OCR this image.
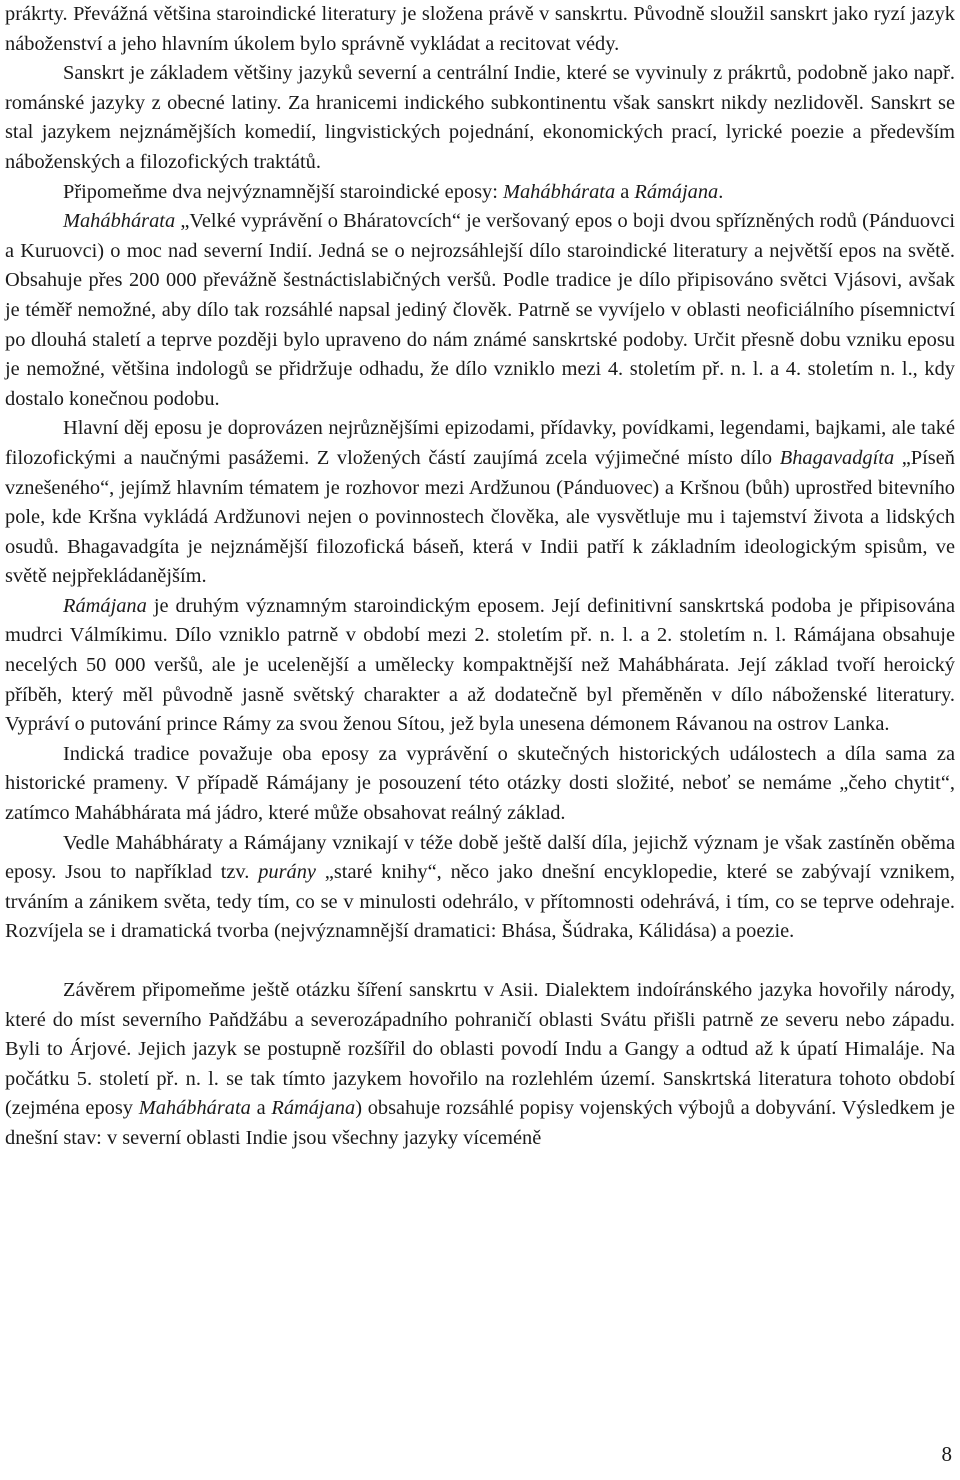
prákrty. Převážná většina staroindické literatury je složena právě v sanskrtu. Původně sloužil sanskrt jako ryzí jazyk náboženství a jeho hlavním úkolem bylo správně vykládat a recitovat védy.

Sanskrt je základem většiny jazyků severní a centrální Indie, které se vyvinuly z prákrtů, podobně jako např. románské jazyky z obecné latiny. Za hranicemi indického subkontinentu však sanskrt nikdy nezlidověl. Sanskrt se stal jazykem nejznámějších komedií, lingvistických pojednání, ekonomických prací, lyrické poezie a především náboženských a filozofických traktátů.

Připomeňme dva nejvýznamnější staroindické eposy: Mahábhárata a Rámájana.

Mahábhárata „Velké vyprávění o Bháratovcích“ je veršovaný epos o boji dvou spřízněných rodů (Pánduovci a Kuruovci) o moc nad severní Indií. Jedná se o nejrozsáhlejší dílo staroindické literatury a největší epos na světě. Obsahuje přes 200 000 převážně šestnáctislabičných veršů. Podle tradice je dílo připisováno světci Vjásovi, avšak je téměř nemožné, aby dílo tak rozsáhlé napsal jediný člověk. Patrně se vyvíjelo v oblasti neoficiálního písemnictví po dlouhá staletí a teprve později bylo upraveno do nám známé sanskrtské podoby. Určit přesně dobu vzniku eposu je nemožné, většina indologů se přidržuje odhadu, že dílo vzniklo mezi 4. stoletím př. n. l. a 4. stoletím n. l., kdy dostalo konečnou podobu.

Hlavní děj eposu je doprovázen nejrůznějšími epizodami, přídavky, povídkami, legendami, bajkami, ale také filozofickými a naučnými pasážemi. Z vložených částí zaujímá zcela výjimečné místo dílo Bhagavadgíta „Píseň vznešeného“, jejímž hlavním tématem je rozhovor mezi Ardžunou (Pánduovec) a Kršnou (bůh) uprostřed bitevního pole, kde Kršna vykládá Ardžunovi nejen o povinnostech člověka, ale vysvětluje mu i tajemství života a lidských osudů. Bhagavadgíta je nejznámější filozofická báseň, která v Indii patří k základním ideologickým spisům, ve světě nejpřekládanějším.

Rámájana je druhým významným staroindickým eposem. Její definitivní sanskrtská podoba je připisována mudrci Válmíkimu. Dílo vzniklo patrně v období mezi 2. stoletím př. n. l. a 2. stoletím n. l. Rámájana obsahuje necelých 50 000 veršů, ale je ucelenější a umělecky kompaktnější než Mahábhárata. Její základ tvoří heroický příběh, který měl původně jasně světský charakter a až dodatečně byl přeměněn v dílo náboženské literatury. Vypráví o putování prince Rámy za svou ženou Sítou, jež byla unesena démonem Rávanou na ostrov Lanka.

Indická tradice považuje oba eposy za vyprávění o skutečných historických událostech a díla sama za historické prameny. V případě Rámájany je posouzení této otázky dosti složité, neboť se nemáme „čeho chytit“, zatímco Mahábhárata má jádro, které může obsahovat reálný základ.

Vedle Mahábháraty a Rámájany vznikají v téže době ještě další díla, jejichž význam je však zastíněn oběma eposy. Jsou to například tzv. purány „staré knihy“, něco jako dnešní encyklopedie, které se zabývají vznikem, trváním a zánikem světa, tedy tím, co se v minulosti odehrálo, v přítomnosti odehrává, i tím, co se teprve odehraje. Rozvíjela se i dramatická tvorba (nejvýznamnější dramatici: Bhása, Šúdraka, Kálidása) a poezie.

Závěrem připomeňme ještě otázku šíření sanskrtu v Asii. Dialektem indoíránského jazyka hovořily národy, které do míst severního Paňdžábu a severozápadního pohraničí oblasti Svátu přišli patrně ze severu nebo západu. Byli to Árjové. Jejich jazyk se postupně rozšířil do oblasti povodí Indu a Gangy a odtud až k úpatí Himaláje. Na počátku 5. století př. n. l. se tak tímto jazykem hovořilo na rozlehlém území. Sanskrtská literatura tohoto období (zejména eposy Mahábhárata a Rámájana) obsahuje rozsáhlé popisy vojenských výbojů a dobyvání. Výsledkem je dnešní stav: v severní oblasti Indie jsou všechny jazyky víceméně

8
